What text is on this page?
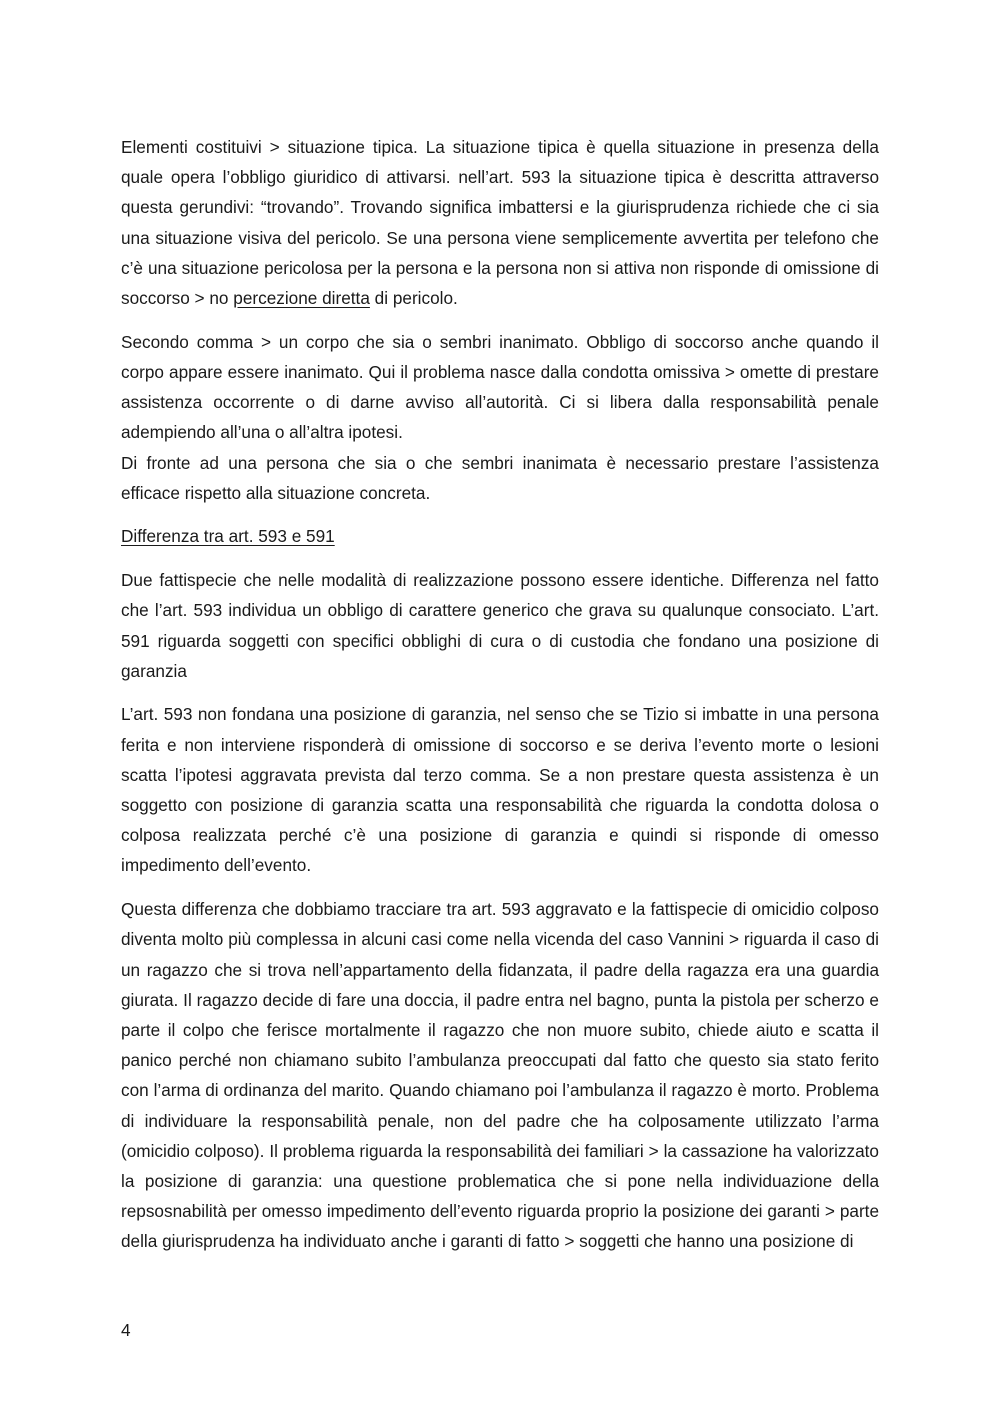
Elementi costituivi > situazione tipica. La situazione tipica è quella situazione in presenza della quale opera l’obbligo giuridico di attivarsi. nell’art. 593 la situazione tipica è descritta attraverso questa gerundivi: “trovando”. Trovando significa imbattersi e la giurisprudenza richiede che ci sia una situazione visiva del pericolo. Se una persona viene semplicemente avvertita per telefono che c’è una situazione pericolosa per la persona e la persona non si attiva non risponde di omissione di soccorso > no percezione diretta di pericolo.

Secondo comma > un corpo che sia o sembri inanimato. Obbligo di soccorso anche quando il corpo appare essere inanimato. Qui il problema nasce dalla condotta omissiva > omette di prestare assistenza occorrente o di darne avviso all’autorità. Ci si libera dalla responsabilità penale adempiendo all’una o all’altra ipotesi.

Di fronte ad una persona che sia o che sembri inanimata è necessario prestare l’assistenza efficace rispetto alla situazione concreta.

Differenza tra art. 593 e 591

Due fattispecie che nelle modalità di realizzazione possono essere identiche. Differenza nel fatto che l’art. 593 individua un obbligo di carattere generico che grava su qualunque consociato. L’art. 591 riguarda soggetti con specifici obblighi di cura o di custodia che fondano una posizione di garanzia

L’art. 593 non fondana una posizione di garanzia, nel senso che se Tizio si imbatte in una persona ferita e non interviene risponderà di omissione di soccorso e se deriva l’evento morte o lesioni scatta l’ipotesi aggravata prevista dal terzo comma. Se a non prestare questa assistenza è un soggetto con posizione di garanzia scatta una responsabilità che riguarda la condotta dolosa o colposa realizzata perché c’è una posizione di garanzia e quindi si risponde di omesso impedimento dell’evento.

Questa differenza che dobbiamo tracciare tra art. 593 aggravato e la fattispecie di omicidio colposo diventa molto più complessa in alcuni casi come nella vicenda del caso Vannini > riguarda il caso di un ragazzo che si trova nell’appartamento della fidanzata, il padre della ragazza era una guardia giurata. Il ragazzo decide di fare una doccia, il padre entra nel bagno, punta la pistola per scherzo e parte il colpo che ferisce mortalmente il ragazzo che non muore subito, chiede aiuto e scatta il panico perché non chiamano subito l’ambulanza preoccupati dal fatto che questo sia stato ferito con l’arma di ordinanza del marito. Quando chiamano poi l’ambulanza il ragazzo è morto. Problema di individuare la responsabilità penale, non del padre che ha colposamente utilizzato l’arma (omicidio colposo). Il problema riguarda la responsabilità dei familiari > la cassazione ha valorizzato la posizione di garanzia: una questione problematica che si pone nella individuazione della repsosnabilità per omesso impedimento dell’evento riguarda proprio la posizione dei garanti > parte della giurisprudenza ha individuato anche i garanti di fatto > soggetti che hanno una posizione di

4
